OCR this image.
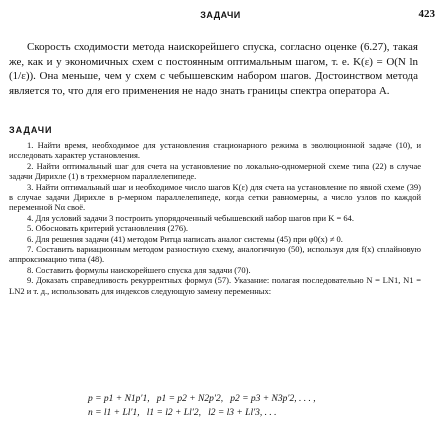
ЗАДАЧИ	423

Скорость сходимости метода наискорейшего спуска, согласно оценке (6.27), такая же, как и у экономичных схем с постоянным оптимальным шагом, т. е. K(ε) = O(N ln (1/ε)). Она меньше, чем у схем с чебышевским набором шагов. Достоинством метода является то, что для его применения не надо знать границы спектра оператора A.

ЗАДАЧИ
1. Найти время, необходимое для установления стационарного режима в эволюционной задаче (10), и исследовать характер установления.
2. Найти оптимальный шаг для счета на установление по локально-одномерной схеме типа (22) в случае задачи Дирихле (1) в трехмерном параллелепипеде.
3. Найти оптимальный шаг и необходимое число шагов K(ε) для счета на установление по явной схеме (39) в случае задачи Дирихле в p-мерном параллелепипеде, когда сетки равномерны, а число узлов по каждой переменной Nα своё.
4. Для условий задачи 3 построить упорядоченный чебышевский набор шагов при K = 64.
5. Обосновать критерий установления (276).
6. Для решения задачи (41) методом Ритца написать аналог системы (45) при φ0(x) ≠ 0.
7. Составить вариационным методом разностную схему, аналогичную (50), используя для f(x) сплайновую аппроксимацию типа (48).
8. Составить формулы наискорейшего спуска для задачи (70).
9. Доказать справедливость рекуррентных формул (57). Указание: полагая последовательно N = LN1, N1 = LN2 и т. д., использовать для индексов следующую замену переменных:
p = p1 + N1p′1,   p1 = p2 + N2p′2,   p2 = p3 + N3p′2, . . . ,
n = l1 + Ll′1,   l1 = l2 + Ll′2,   l2 = l3 + Ll′3, . . .
